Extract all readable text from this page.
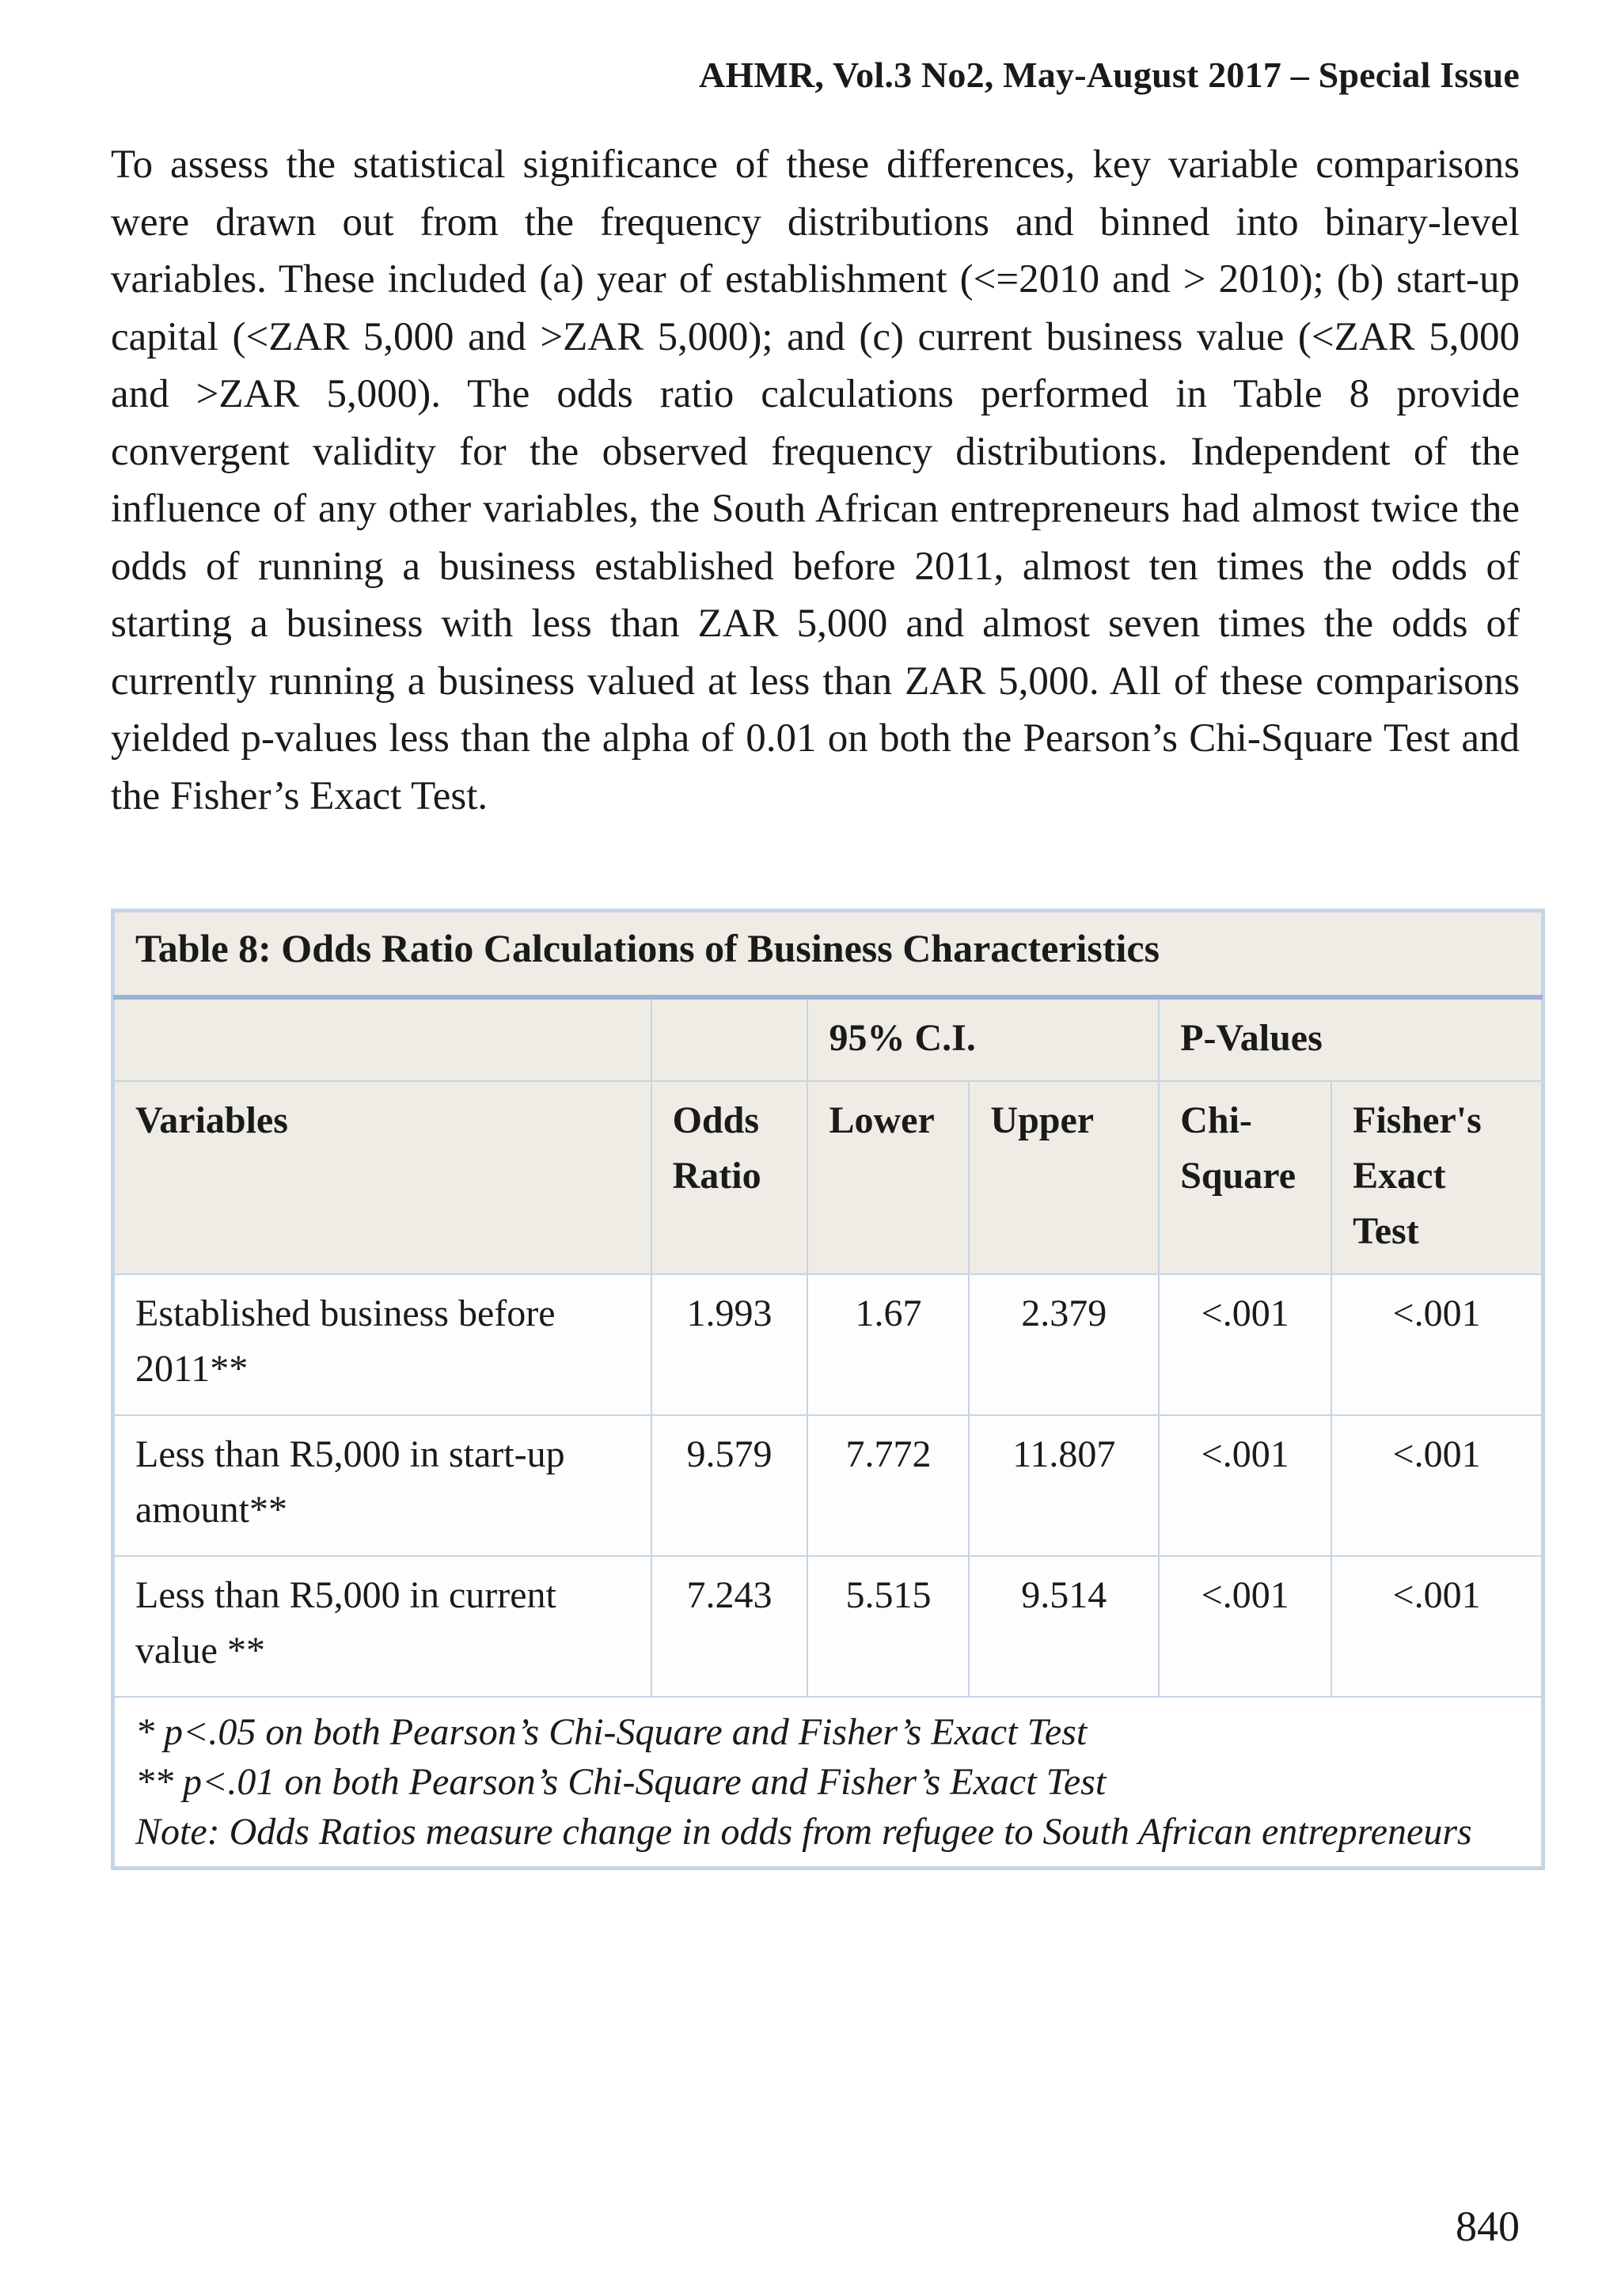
AHMR, Vol.3 No2, May-August 2017 – Special Issue

To assess the statistical significance of these differences, key variable comparisons were drawn out from the frequency distributions and binned into binary-level variables. These included (a) year of establishment (<=2010 and > 2010); (b) start-up capital (<ZAR 5,000 and >ZAR 5,000); and (c) current business value (<ZAR 5,000 and >ZAR 5,000). The odds ratio calculations performed in Table 8 provide convergent validity for the observed frequency distributions. Independent of the influence of any other variables, the South African entrepreneurs had almost twice the odds of running a business established before 2011, almost ten times the odds of starting a business with less than ZAR 5,000 and almost seven times the odds of currently running a business valued at less than ZAR 5,000. All of these comparisons yielded p-values less than the alpha of 0.01 on both the Pearson’s Chi-Square Test and the Fisher’s Exact Test.

Table 8: Odds Ratio Calculations of Business Characteristics					
		95% C.I.		P-Values	
Variables	Odds Ratio	Lower	Upper	Chi-Square	Fisher's Exact Test
Established business before 2011**	1.993	1.67	2.379	<.001	<.001
Less than R5,000 in start-up amount**	9.579	7.772	11.807	<.001	<.001
Less than R5,000 in current value **	7.243	5.515	9.514	<.001	<.001

* p<.05 on both Pearson’s Chi-Square and Fisher’s Exact Test

** p<.01 on both Pearson’s Chi-Square and Fisher’s Exact Test

Note: Odds Ratios measure change in odds from refugee to South African entrepreneurs					

840
